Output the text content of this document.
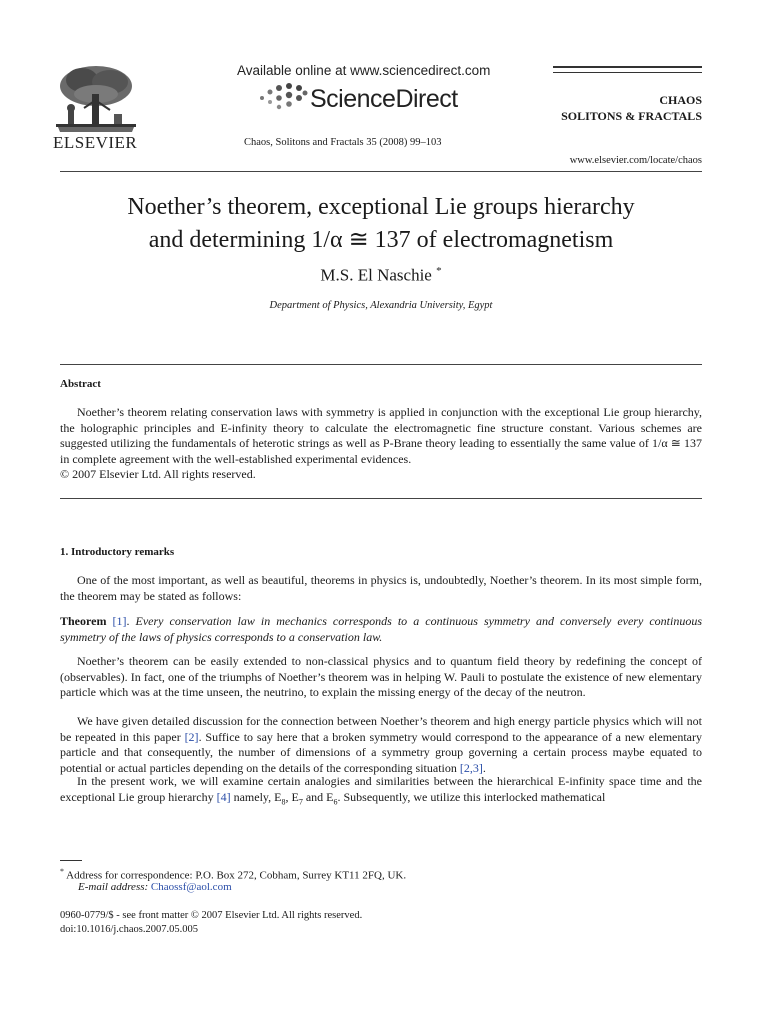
ELSEVIER
Available online at www.sciencedirect.com
ScienceDirect
Chaos, Solitons and Fractals 35 (2008) 99–103
CHAOS
SOLITONS & FRACTALS
www.elsevier.com/locate/chaos
Noether’s theorem, exceptional Lie groups hierarchy
and determining 1/α ≅ 137 of electromagnetism
M.S. El Naschie *
Department of Physics, Alexandria University, Egypt
Abstract
Noether’s theorem relating conservation laws with symmetry is applied in conjunction with the exceptional Lie group hierarchy, the holographic principles and E-infinity theory to calculate the electromagnetic fine structure constant. Various schemes are suggested utilizing the fundamentals of heterotic strings as well as P-Brane theory leading to essentially the same value of 1/α ≅ 137 in complete agreement with the well-established experimental evidences.
© 2007 Elsevier Ltd. All rights reserved.
1. Introductory remarks
One of the most important, as well as beautiful, theorems in physics is, undoubtedly, Noether’s theorem. In its most simple form, the theorem may be stated as follows:
Theorem [1]. Every conservation law in mechanics corresponds to a continuous symmetry and conversely every continuous symmetry of the laws of physics corresponds to a conservation law.
Noether’s theorem can be easily extended to non-classical physics and to quantum field theory by redefining the concept of (observables). In fact, one of the triumphs of Noether’s theorem was in helping W. Pauli to postulate the existence of new elementary particle which was at the time unseen, the neutrino, to explain the missing energy of the decay of the neutron.
We have given detailed discussion for the connection between Noether’s theorem and high energy particle physics which will not be repeated in this paper [2]. Suffice to say here that a broken symmetry would correspond to the appearance of a new elementary particle and that consequently, the number of dimensions of a symmetry group governing a certain process maybe equated to potential or actual particles depending on the details of the corresponding situation [2,3].
In the present work, we will examine certain analogies and similarities between the hierarchical E-infinity space time and the exceptional Lie group hierarchy [4] namely, $E_8$, $E_7$ and $E_6$. Subsequently, we utilize this interlocked mathematical
* Address for correspondence: P.O. Box 272, Cobham, Surrey KT11 2FQ, UK.
E-mail address: Chaossf@aol.com
0960-0779/$ - see front matter © 2007 Elsevier Ltd. All rights reserved.
doi:10.1016/j.chaos.2007.05.005
